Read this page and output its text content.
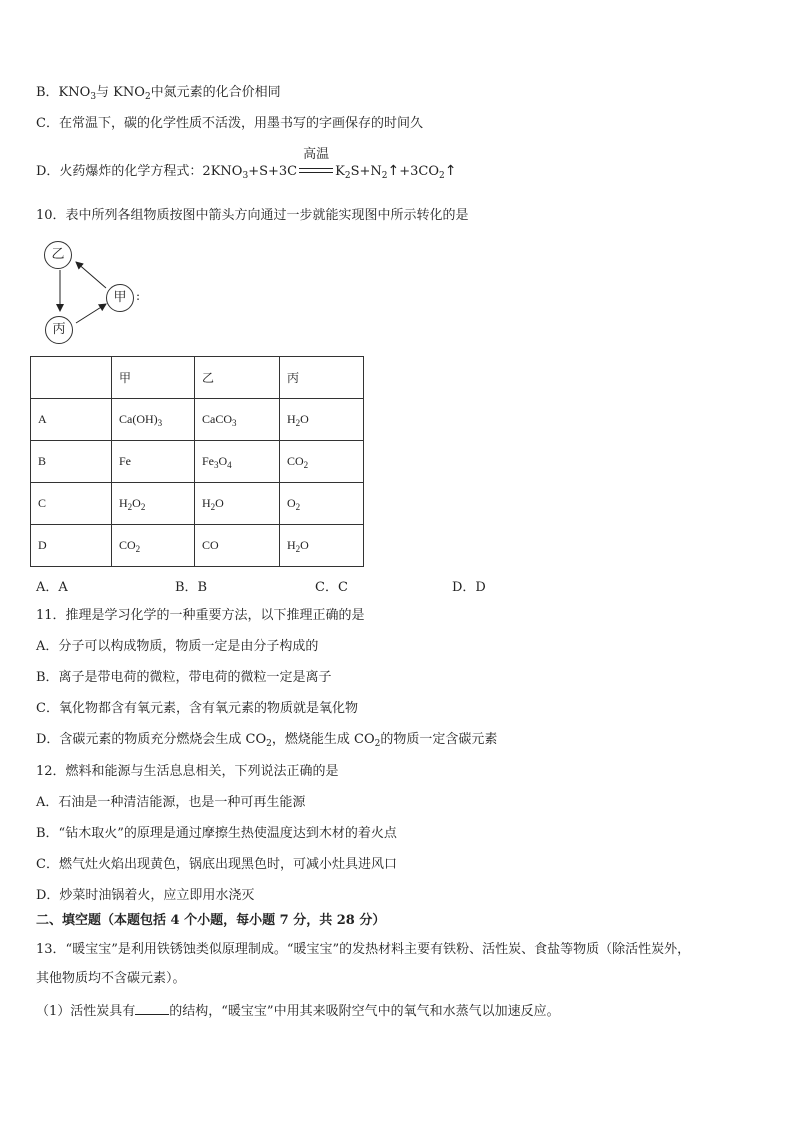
B．$KNO_3$与 $KNO_2$中氮元素的化合价相同
C．在常温下，碳的化学性质不活泼，用墨书写的字画保存的时间久
D．火药爆炸的化学方程式：$2KNO_3+S+3C$
高温
$K_2S+N_2↑+3CO_2↑$
10．表中所列各组物质按图中箭头方向通过一步就能实现图中所示转化的是
乙
甲
丙
:
	甲	乙	丙
A	$Ca(OH)_3$	CaCO$_3$	$H_2O$
B	Fe	$Fe_3O_4$	$CO_2$
C	$H_2O_2$	$H_2O$	$O_2$
D	$CO_2$	CO	$H_2O$
A．A	B．B	C．C	D．D
11．推理是学习化学的一种重要方法，以下推理正确的是
A．分子可以构成物质，物质一定是由分子构成的
B．离子是带电荷的微粒，带电荷的微粒一定是离子
C．氧化物都含有氧元素，含有氧元素的物质就是氧化物
D．含碳元素的物质充分燃烧会生成 $CO_2$，燃烧能生成 $CO_2$的物质一定含碳元素
12．燃料和能源与生活息息相关，下列说法正确的是
A．石油是一种清洁能源，也是一种可再生能源
B．“钻木取火”的原理是通过摩擦生热使温度达到木材的着火点
C．燃气灶火焰出现黄色，锅底出现黑色时，可减小灶具进风口
D．炒菜时油锅着火，应立即用水浇灭
二、填空题（本题包括 4 个小题，每小题 7 分，共 28 分）
13．“暖宝宝”是利用铁锈蚀类似原理制成。“暖宝宝”的发热材料主要有铁粉、活性炭、食盐等物质（除活性炭外，
其他物质均不含碳元素）。
（1）活性炭具有	的结构，“暖宝宝”中用其来吸附空气中的氧气和水蒸气以加速反应。
